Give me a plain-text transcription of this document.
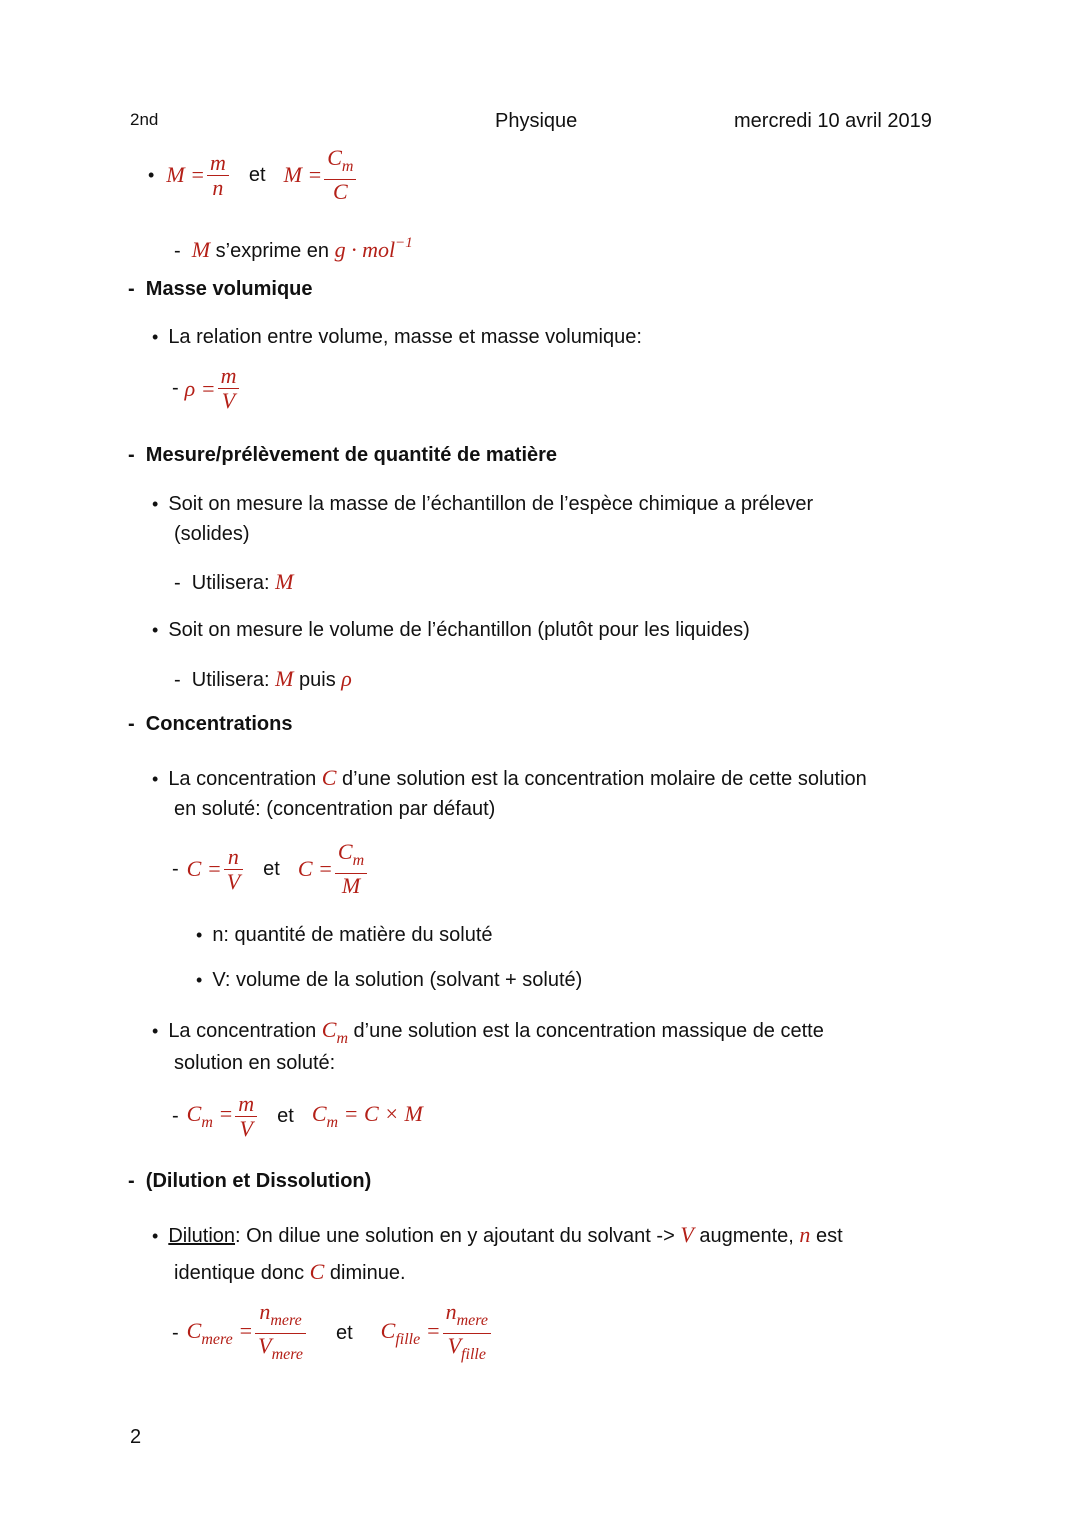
2nd	Physique	mercredi 10 avril 2019
• $M = \frac{m}{n}$ et $M = \frac{C_m}{C}$
-  M s’exprime en g · mol$^{-1}$
-  Masse volumique
•  La relation entre volume, masse et masse volumique:
- $\rho = \frac{m}{V}$
-  Mesure/prélèvement de quantité de matière
•  Soit on mesure la masse de l’échantillon de l’espèce chimique a prélever
(solides)
-  Utilisera: M
•  Soit on mesure le volume de l’échantillon (plutôt pour les liquides)
-  Utilisera: M puis ρ
-  Concentrations
•  La concentration C d’une solution est la concentration molaire de cette solution
en soluté: (concentration par défaut)
- $C = \frac{n}{V}$ et $C = \frac{C_m}{M}$
•  n: quantité de matière du soluté
•  V: volume de la solution (solvant + soluté)
•  La concentration $C_m$ d’une solution est la concentration massique de cette
solution en soluté:
- $C_m = \frac{m}{V}$ et $C_m = C \times M$
-  (Dilution et Dissolution)
•  Dilution: On dilue une solution en y ajoutant du solvant -> V augmente, n est
identique donc C diminue.
- $C_{mere} = \frac{n_{mere}}{V_{mere}}$ et $C_{fille} = \frac{n_{mere}}{V_{fille}}$
2
